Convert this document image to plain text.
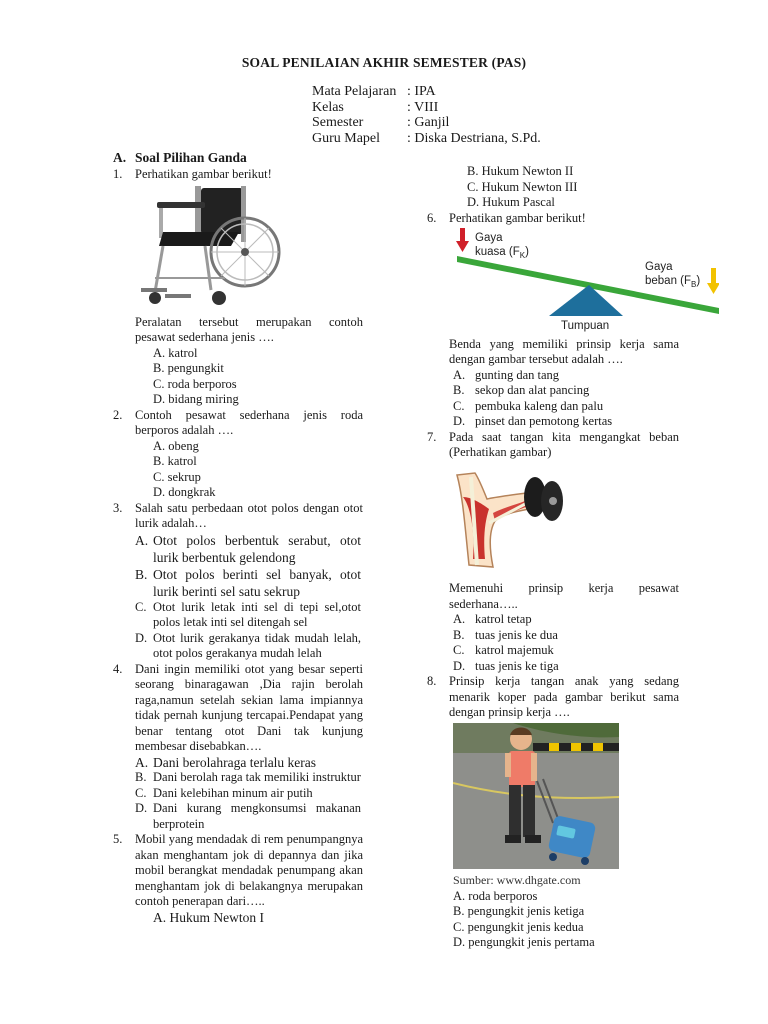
SOAL PENILAIAN AKHIR SEMESTER (PAS)
Mata Pelajaran : IPA
Kelas	: VIII
Semester	: Ganjil
Guru Mapel : Diska Destriana, S.Pd.
A. Soal Pilihan Ganda
1. Perhatikan gambar berikut!
Peralatan tersebut merupakan contoh pesawat sederhana jenis ….
A. katrol
B. pengungkit
C. roda berporos
D. bidang miring
2. Contoh pesawat sederhana jenis roda berporos adalah ….
A. obeng
B. katrol
C. sekrup
D. dongkrak
3. Salah satu perbedaan otot polos dengan otot lurik adalah…
A. Otot polos berbentuk serabut, otot lurik berbentuk gelendong
B. Otot polos berinti sel banyak, otot lurik berinti sel satu sekrup
C. Otot lurik letak inti sel di tepi sel,otot polos letak inti sel ditengah sel
D. Otot lurik gerakanya tidak mudah lelah, otot polos gerakanya mudah lelah
4. Dani ingin memiliki otot yang besar seperti seorang binaragawan ,Dia rajin berolah raga,namun setelah sekian lama impiannya tidak pernah kunjung tercapai.Pendapat yang benar tentang otot Dani tak kunjung membesar disebabkan….
A. Dani berolahraga terlalu keras
B. Dani berolah raga tak memiliki instruktur
C. Dani kelebihan minum air putih
D. Dani kurang mengkonsumsi makanan berprotein
5. Mobil yang mendadak di rem penumpangnya akan menghantam jok di depannya dan jika mobil berangkat mendadak penumpang akan menghantam jok di belakangnya merupakan contoh penerapan dari…..
A. Hukum Newton I
B. Hukum Newton II
C. Hukum Newton III
D. Hukum Pascal
6. Perhatikan gambar berikut!
Gaya
kuasa $(F_K)$
Gaya
beban $(F_B)$
Tumpuan
Benda yang memiliki prinsip kerja sama dengan gambar tersebut adalah ….
A. gunting dan tang
B. sekop dan alat pancing
C. pembuka kaleng dan palu
D. pinset dan pemotong kertas
7. Pada saat tangan kita mengangkat beban (Perhatikan gambar)
Memenuhi prinsip kerja pesawat sederhana…..
A. katrol tetap
B. tuas jenis ke dua
C. katrol majemuk
D. tuas jenis ke tiga
8. Prinsip kerja tangan anak yang sedang menarik koper pada gambar berikut sama dengan prinsip kerja ….
Sumber: www.dhgate.com
A. roda berporos
B. pengungkit jenis ketiga
C. pengungkit jenis kedua
D. pengungkit jenis pertama
